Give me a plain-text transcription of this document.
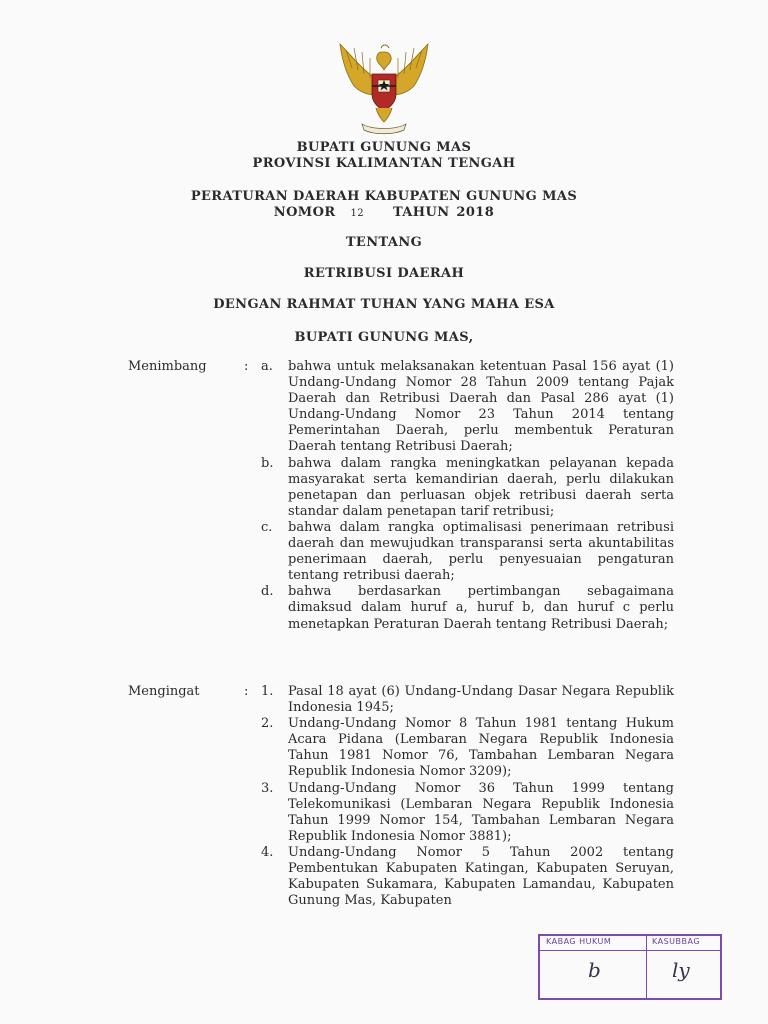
BUPATI GUNUNG MAS
PROVINSI KALIMANTAN TENGAH
PERATURAN DAERAH KABUPATEN GUNUNG MAS
NOMOR 12 TAHUN 2018
TENTANG
RETRIBUSI DAERAH
DENGAN RAHMAT TUHAN YANG MAHA ESA
BUPATI GUNUNG MAS,
Menimbang	: a.	bahwa untuk melaksanakan ketentuan Pasal 156 ayat (1) Undang-Undang Nomor 28 Tahun 2009 tentang Pajak Daerah dan Retribusi Daerah dan Pasal 286 ayat (1) Undang-Undang Nomor 23 Tahun 2014 tentang Pemerintahan Daerah, perlu membentuk Peraturan Daerah tentang Retribusi Daerah;
b.	bahwa dalam rangka meningkatkan pelayanan kepada masyarakat serta kemandirian daerah, perlu dilakukan penetapan dan perluasan objek retribusi daerah serta standar dalam penetapan tarif retribusi;
c.	bahwa dalam rangka optimalisasi penerimaan retribusi daerah dan mewujudkan transparansi serta akuntabilitas penerimaan daerah, perlu penyesuaian pengaturan tentang retribusi daerah;
d.	bahwa berdasarkan pertimbangan sebagaimana dimaksud dalam huruf a, huruf b, dan huruf c perlu menetapkan Peraturan Daerah tentang Retribusi Daerah;
Mengingat	: 1.	Pasal 18 ayat (6) Undang-Undang Dasar Negara Republik Indonesia 1945;
2.	Undang-Undang Nomor 8 Tahun 1981 tentang Hukum Acara Pidana (Lembaran Negara Republik Indonesia Tahun 1981 Nomor 76, Tambahan Lembaran Negara Republik Indonesia Nomor 3209);
3.	Undang-Undang Nomor 36 Tahun 1999 tentang Telekomunikasi (Lembaran Negara Republik Indonesia Tahun 1999 Nomor 154, Tambahan Lembaran Negara Republik Indonesia Nomor 3881);
4.	Undang-Undang Nomor 5 Tahun 2002 tentang Pembentukan Kabupaten Katingan, Kabupaten Seruyan, Kabupaten Sukamara, Kabupaten Lamandau, Kabupaten Gunung Mas, Kabupaten
KABAG HUKUM	KASUBBAG
b	ly
